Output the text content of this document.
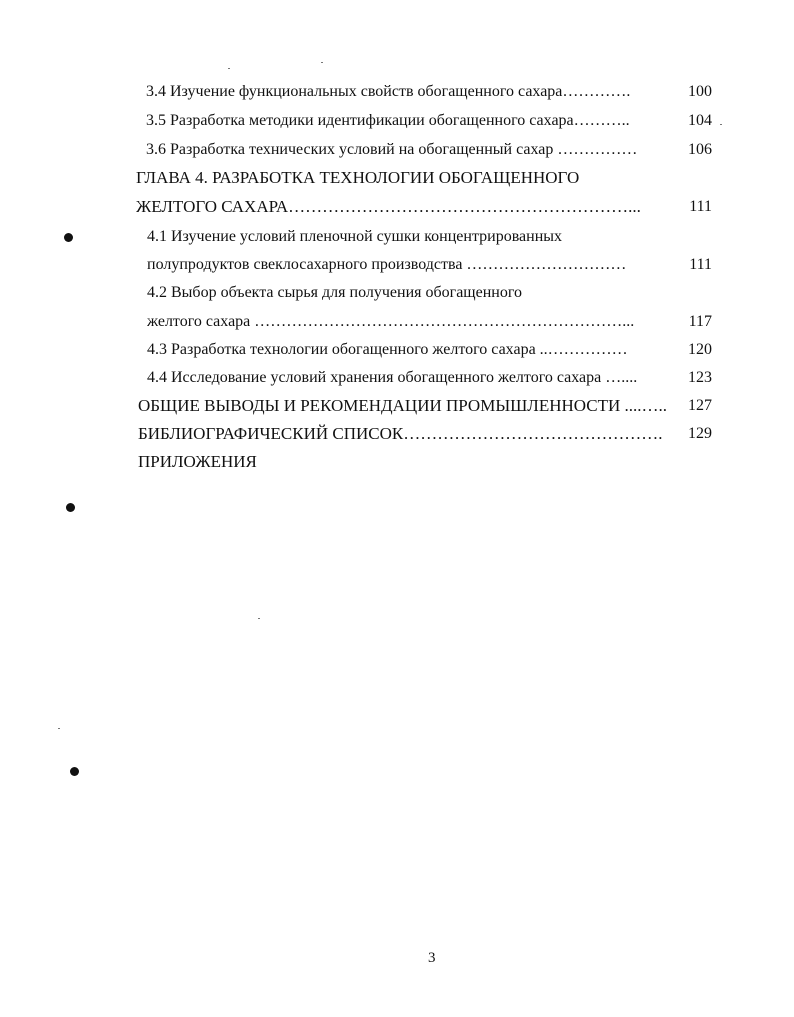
3.4 Изучение функциональных свойств обогащенного сахара………….	100
3.5 Разработка методики идентификации обогащенного сахара………..	104
3.6 Разработка технических условий на обогащенный сахар ……………	106
ГЛАВА 4. РАЗРАБОТКА ТЕХНОЛОГИИ ОБОГАЩЕННОГО
ЖЕЛТОГО САХАРА……………………………………………………...	111
4.1 Изучение условий пленочной сушки концентрированных
полупродуктов свеклосахарного производства …………………………	111
4.2 Выбор объекта сырья для получения обогащенного
желтого сахара ……………………………………………………………...	117
4.3 Разработка технологии обогащенного желтого сахара ..……………	120
4.4 Исследование условий хранения обогащенного желтого сахара …....	123
ОБЩИЕ ВЫВОДЫ И РЕКОМЕНДАЦИИ ПРОМЫШЛЕННОСТИ ....…..	127
БИБЛИОГРАФИЧЕСКИЙ СПИСОК……………………………………….	129
ПРИЛОЖЕНИЯ
3
